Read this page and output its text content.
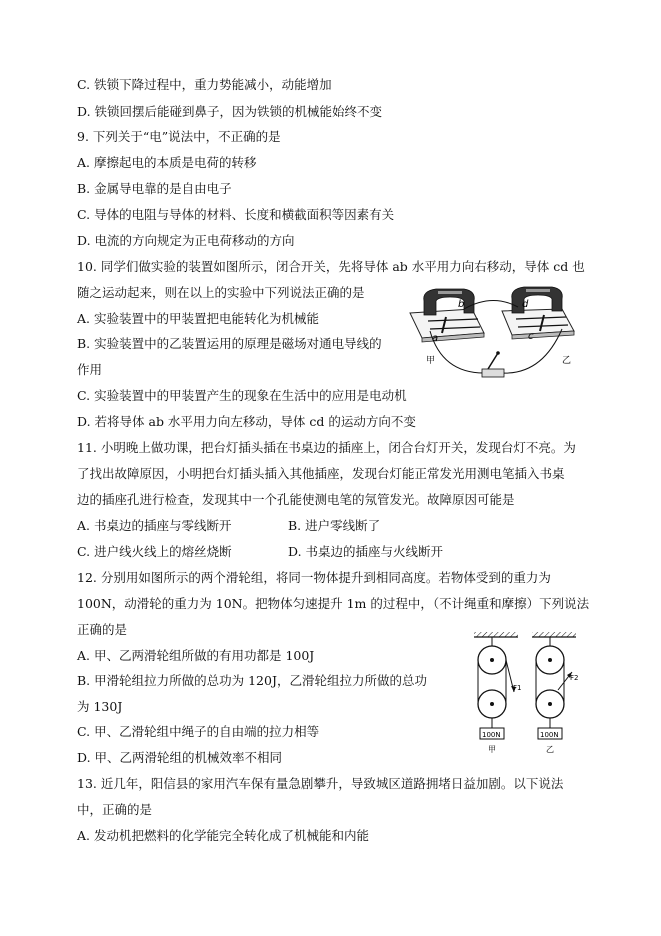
C. 铁锁下降过程中，重力势能减小，动能增加
D. 铁锁回摆后能碰到鼻子，因为铁锁的机械能始终不变
9. 下列关于“电”说法中，不正确的是
A. 摩擦起电的本质是电荷的转移
B. 金属导电靠的是自由电子
C. 导体的电阻与导体的材料、长度和横截面积等因素有关
D. 电流的方向规定为正电荷移动的方向
10. 同学们做实验的装置如图所示，闭合开关，先将导体 ab 水平用力向右移动，导体 cd 也
随之运动起来，则在以上的实验中下列说法正确的是
A. 实验装置中的甲装置把电能转化为机械能
B. 实验装置中的乙装置运用的原理是磁场对通电导线的
作用
C. 实验装置中的甲装置产生的现象在生活中的应用是电动机
D. 若将导体 ab 水平用力向左移动，导体 cd 的运动方向不变
a
b
c
d
甲	乙
11. 小明晚上做功课，把台灯插头插在书桌边的插座上，闭合台灯开关，发现台灯不亮。为
了找出故障原因，小明把台灯插头插入其他插座，发现台灯能正常发光用测电笔插入书桌
边的插座孔进行检查，发现其中一个孔能使测电笔的氖管发光。故障原因可能是
A. 书桌边的插座与零线断开	B. 进户零线断了
C. 进户线火线上的熔丝烧断	D. 书桌边的插座与火线断开
12. 分别用如图所示的两个滑轮组，将同一物体提升到相同高度。若物体受到的重力为
100N，动滑轮的重力为 10N。把物体匀速提升 1m 的过程中，（不计绳重和摩擦）下列说法
正确的是
A. 甲、乙两滑轮组所做的有用功都是 100J
B. 甲滑轮组拉力所做的总功为 120J，乙滑轮组拉力所做的总功
为 130J
C. 甲、乙滑轮组中绳子的自由端的拉力相等
D. 甲、乙两滑轮组的机械效率不相同
F1
F2
100N	100N
甲	乙
13. 近几年，阳信县的家用汽车保有量急剧攀升，导致城区道路拥堵日益加剧。以下说法
中，正确的是
A. 发动机把燃料的化学能完全转化成了机械能和内能
